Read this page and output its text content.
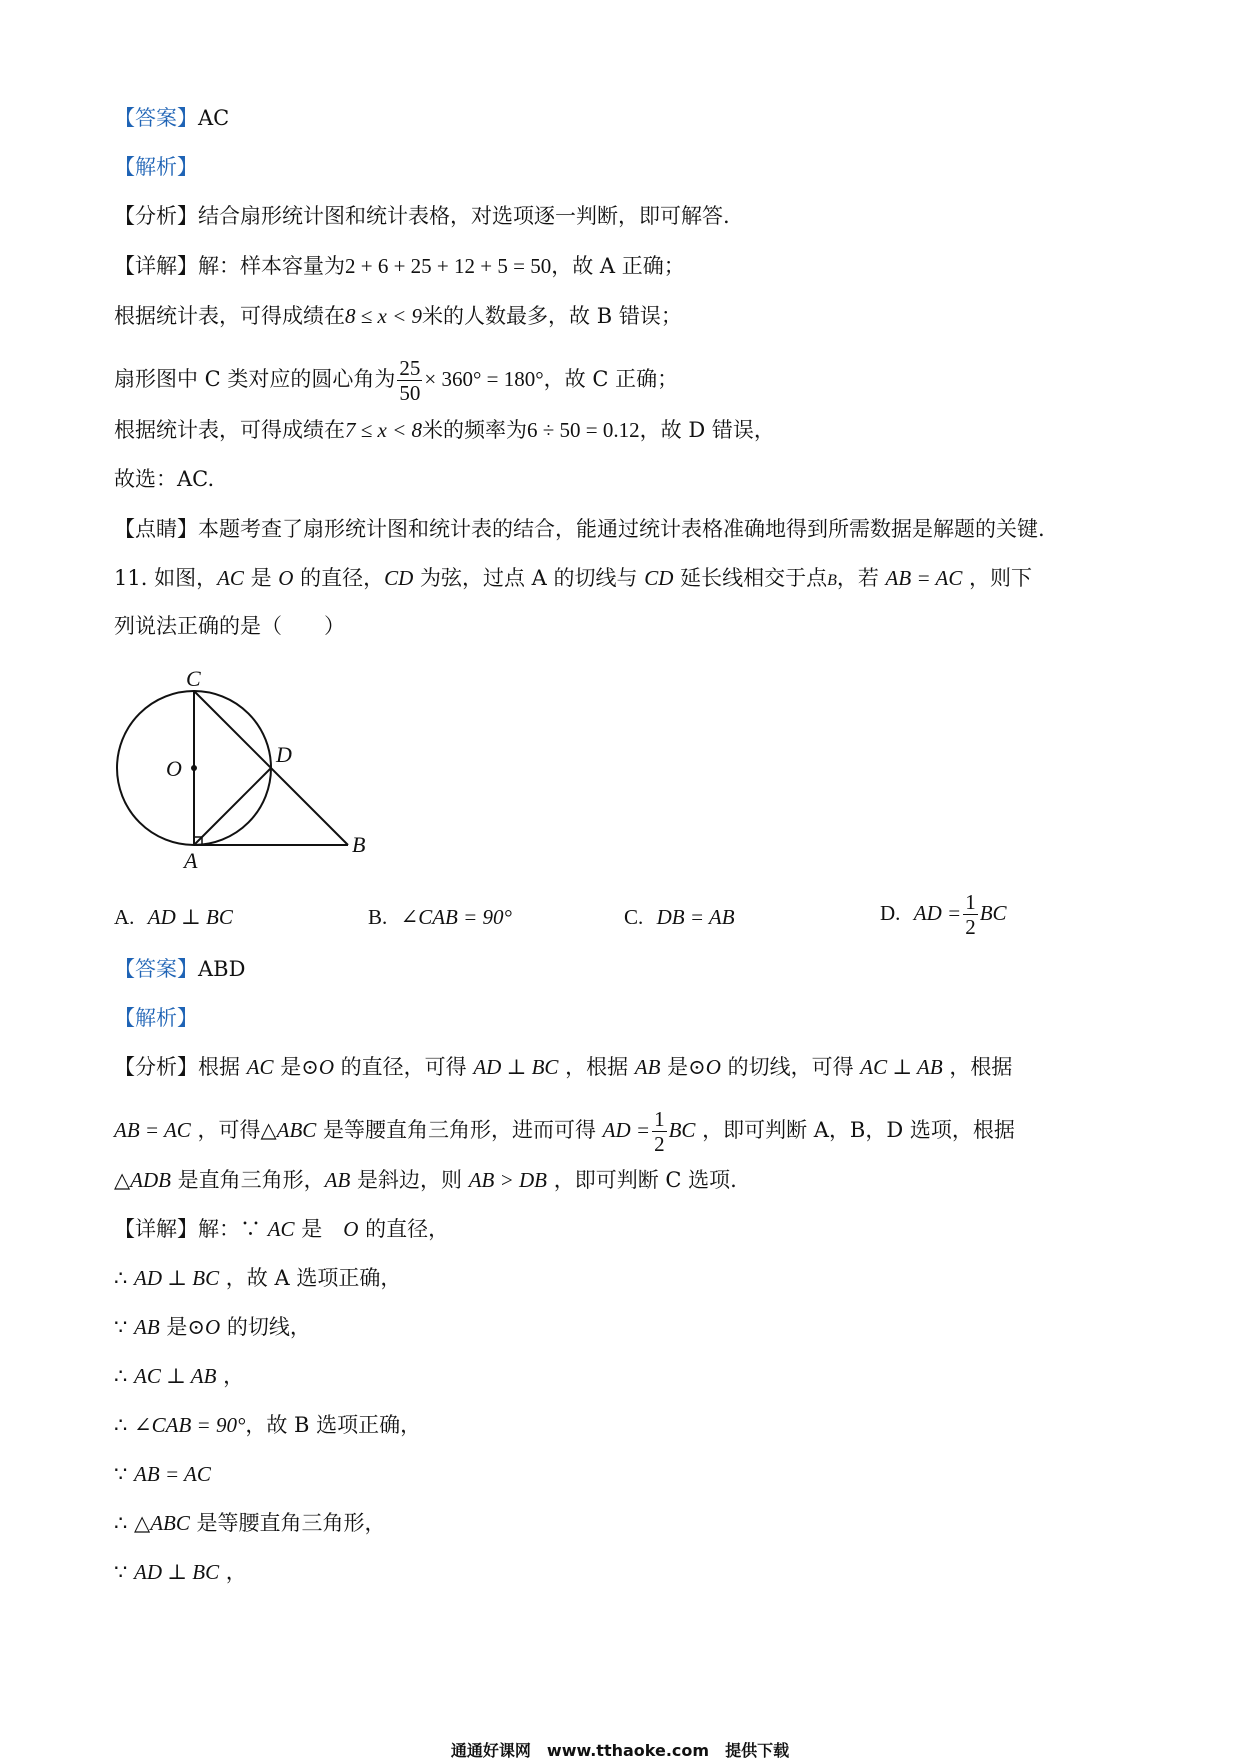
【答案】AC
【解析】
【分析】结合扇形统计图和统计表格，对选项逐一判断，即可解答.
【详解】解：样本容量为2 + 6 + 25 + 12 + 5 = 50，故 A 正确；
根据统计表，可得成绩在8 ≤ x < 9米的人数最多，故 B 错误；
扇形图中 C 类对应的圆心角为 $\frac{25}{50} \times 360^\circ = 180^\circ$，故 C 正确；
根据统计表，可得成绩在7 ≤ x < 8米的频率为6 ÷ 50 = 0.12，故 D 错误，
故选：AC.
【点睛】本题考查了扇形统计图和统计表的结合，能通过统计表格准确地得到所需数据是解题的关键.
11. 如图，AC 是 O 的直径，CD 为弦，过点 A 的切线与 CD 延长线相交于点B，若 AB = AC ，则下
列说法正确的是（　　）
C
O
D
A
B
A. AD ⊥ BC	B. ∠CAB = 90°	C. DB = AB	D. AD = $\frac{1}{2}$ BC
【答案】ABD
【解析】
【分析】根据 AC 是⊙O 的直径，可得 AD ⊥ BC ，根据 AB 是⊙O 的切线，可得 AC ⊥ AB ，根据
AB = AC ，可得△ABC 是等腰直角三角形，进而可得 AD = $\frac{1}{2}$ BC ，即可判断 A，B，D 选项，根据
△ADB 是直角三角形，AB 是斜边，则 AB > DB ，即可判断 C 选项.
【详解】解：∵ AC 是　O 的直径，
∴ AD ⊥ BC ，故 A 选项正确，
∵ AB 是⊙O 的切线，
∴ AC ⊥ AB ，
∴ ∠CAB = 90°，故 B 选项正确，
∵ AB = AC
∴ △ABC 是等腰直角三角形，
∵ AD ⊥ BC ，
通通好课网　www.tthaoke.com　提供下载
